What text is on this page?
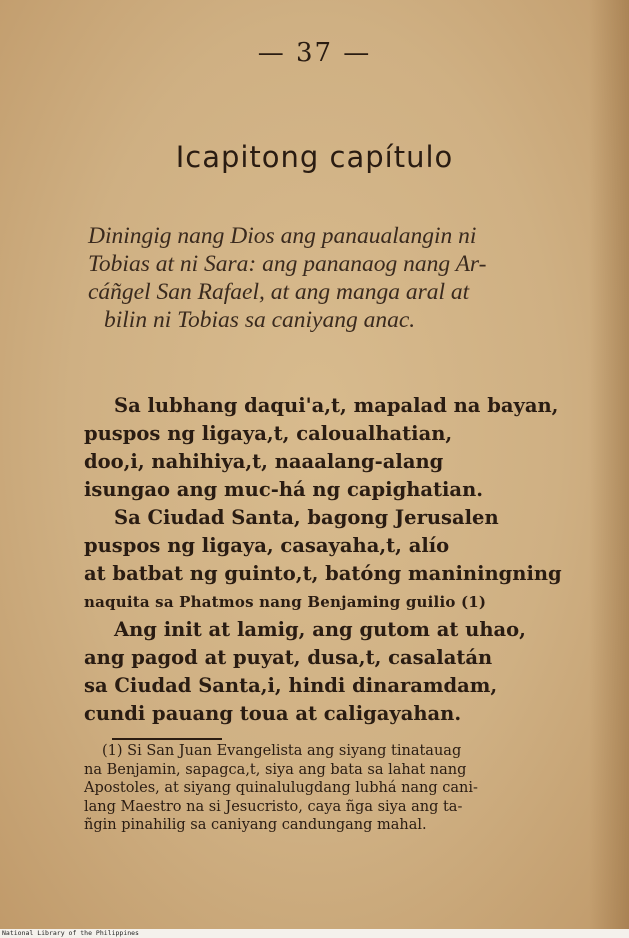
— 37 —
Icapitong capítulo
Diningig nang Dios ang panaualangin ni
Tobias at ni Sara: ang pananaog nang Ar-
cáñgel San Rafael, at ang manga aral at
bilin ni Tobias sa caniyang anac.
Sa lubhang daqui'a,t, mapalad na bayan,
puspos ng ligaya,t, caloualhatian,
doo,i, nahihiya,t, naaalang-alang
isungao ang muc-há ng capighatian.
Sa Ciudad Santa, bagong Jerusalen
puspos ng ligaya, casayaha,t, alío
at batbat ng guinto,t, batóng maniningning
naquita sa Phatmos nang Benjaming guilio (1)
Ang init at lamig, ang gutom at uhao,
ang pagod at puyat, dusa,t, casalatán
sa Ciudad Santa,i, hindi dinaramdam,
cundi pauang toua at caligayahan.
(1) Si San Juan Evangelista ang siyang tinatauag
na Benjamin, sapagca,t, siya ang bata sa lahat nang
Apostoles, at siyang quinalulugdang lubhá nang cani-
lang Maestro na si Jesucristo, caya ñga siya ang ta-
ñgin pinahilig sa caniyang candungang mahal.
National Library of the Philippines
